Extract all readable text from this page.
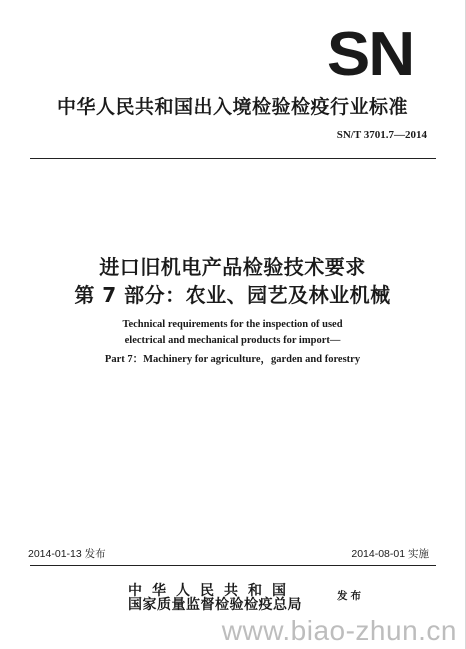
SN
中华人民共和国出入境检验检疫行业标准
SN/T 3701.7—2014
进口旧机电产品检验技术要求
第 7 部分：农业、园艺及林业机械
Technical requirements for the inspection of used
electrical and mechanical products for import—
Part 7：Machinery for agriculture，garden and forestry
2014-01-13 发布	2014-08-01 实施
中华人民共和国
国家质量监督检验检疫总局
发布
www.biao-zhun.cn
